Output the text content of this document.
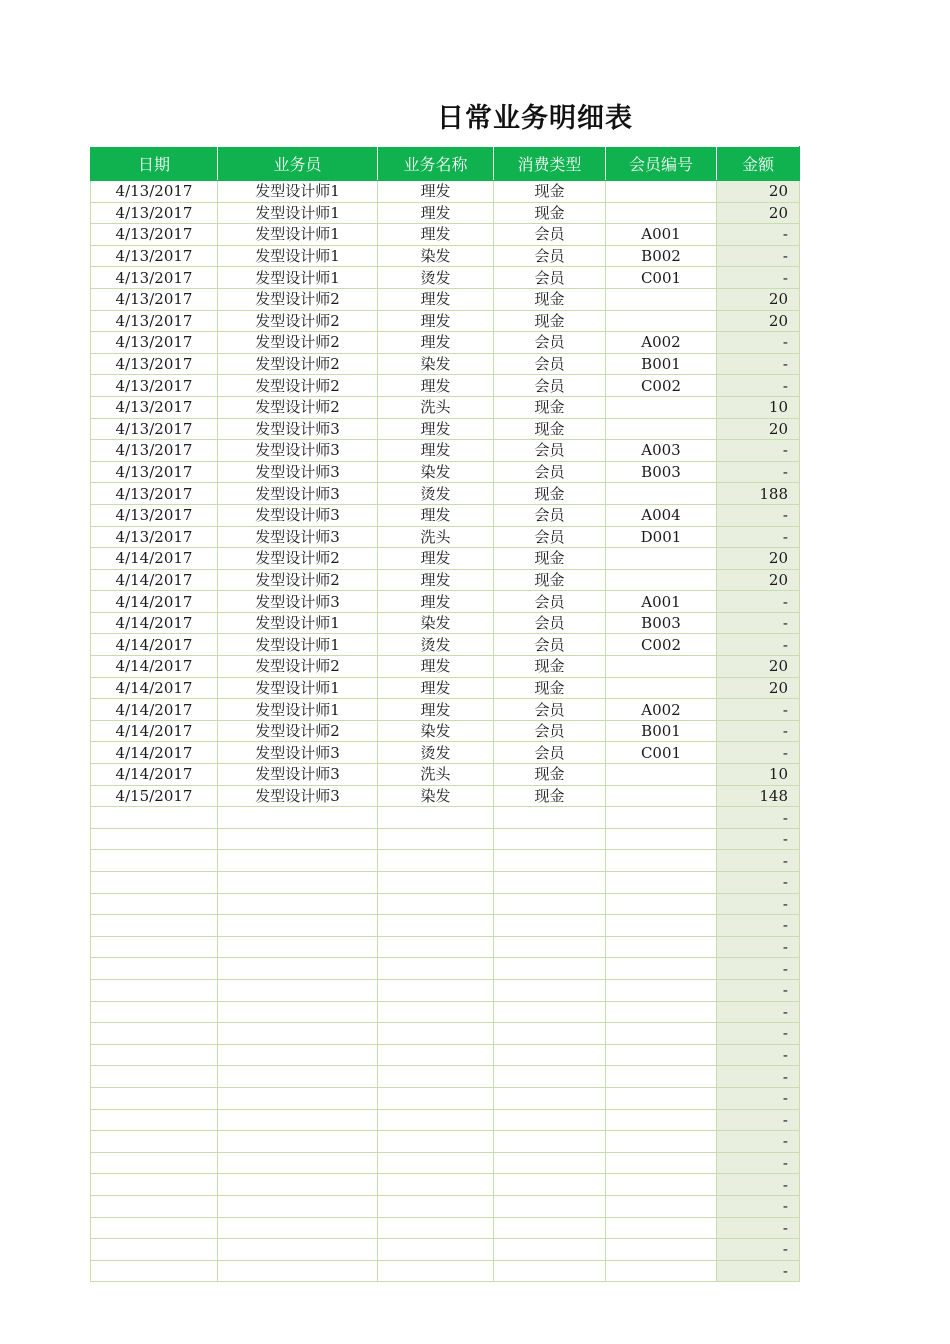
日常业务明细表
日期	业务员	业务名称	消费类型	会员编号	金额
4/13/2017	发型设计师1	理发	现金		20
4/13/2017	发型设计师1	理发	现金		20
4/13/2017	发型设计师1	理发	会员	A001	-
4/13/2017	发型设计师1	染发	会员	B002	-
4/13/2017	发型设计师1	烫发	会员	C001	-
4/13/2017	发型设计师2	理发	现金		20
4/13/2017	发型设计师2	理发	现金		20
4/13/2017	发型设计师2	理发	会员	A002	-
4/13/2017	发型设计师2	染发	会员	B001	-
4/13/2017	发型设计师2	理发	会员	C002	-
4/13/2017	发型设计师2	洗头	现金		10
4/13/2017	发型设计师3	理发	现金		20
4/13/2017	发型设计师3	理发	会员	A003	-
4/13/2017	发型设计师3	染发	会员	B003	-
4/13/2017	发型设计师3	烫发	现金		188
4/13/2017	发型设计师3	理发	会员	A004	-
4/13/2017	发型设计师3	洗头	会员	D001	-
4/14/2017	发型设计师2	理发	现金		20
4/14/2017	发型设计师2	理发	现金		20
4/14/2017	发型设计师3	理发	会员	A001	-
4/14/2017	发型设计师1	染发	会员	B003	-
4/14/2017	发型设计师1	烫发	会员	C002	-
4/14/2017	发型设计师2	理发	现金		20
4/14/2017	发型设计师1	理发	现金		20
4/14/2017	发型设计师1	理发	会员	A002	-
4/14/2017	发型设计师2	染发	会员	B001	-
4/14/2017	发型设计师3	烫发	会员	C001	-
4/14/2017	发型设计师3	洗头	现金		10
4/15/2017	发型设计师3	染发	现金		148
					-
					-
					-
					-
					-
					-
					-
					-
					-
					-
					-
					-
					-
					-
					-
					-
					-
					-
					-
					-
					-
					-
